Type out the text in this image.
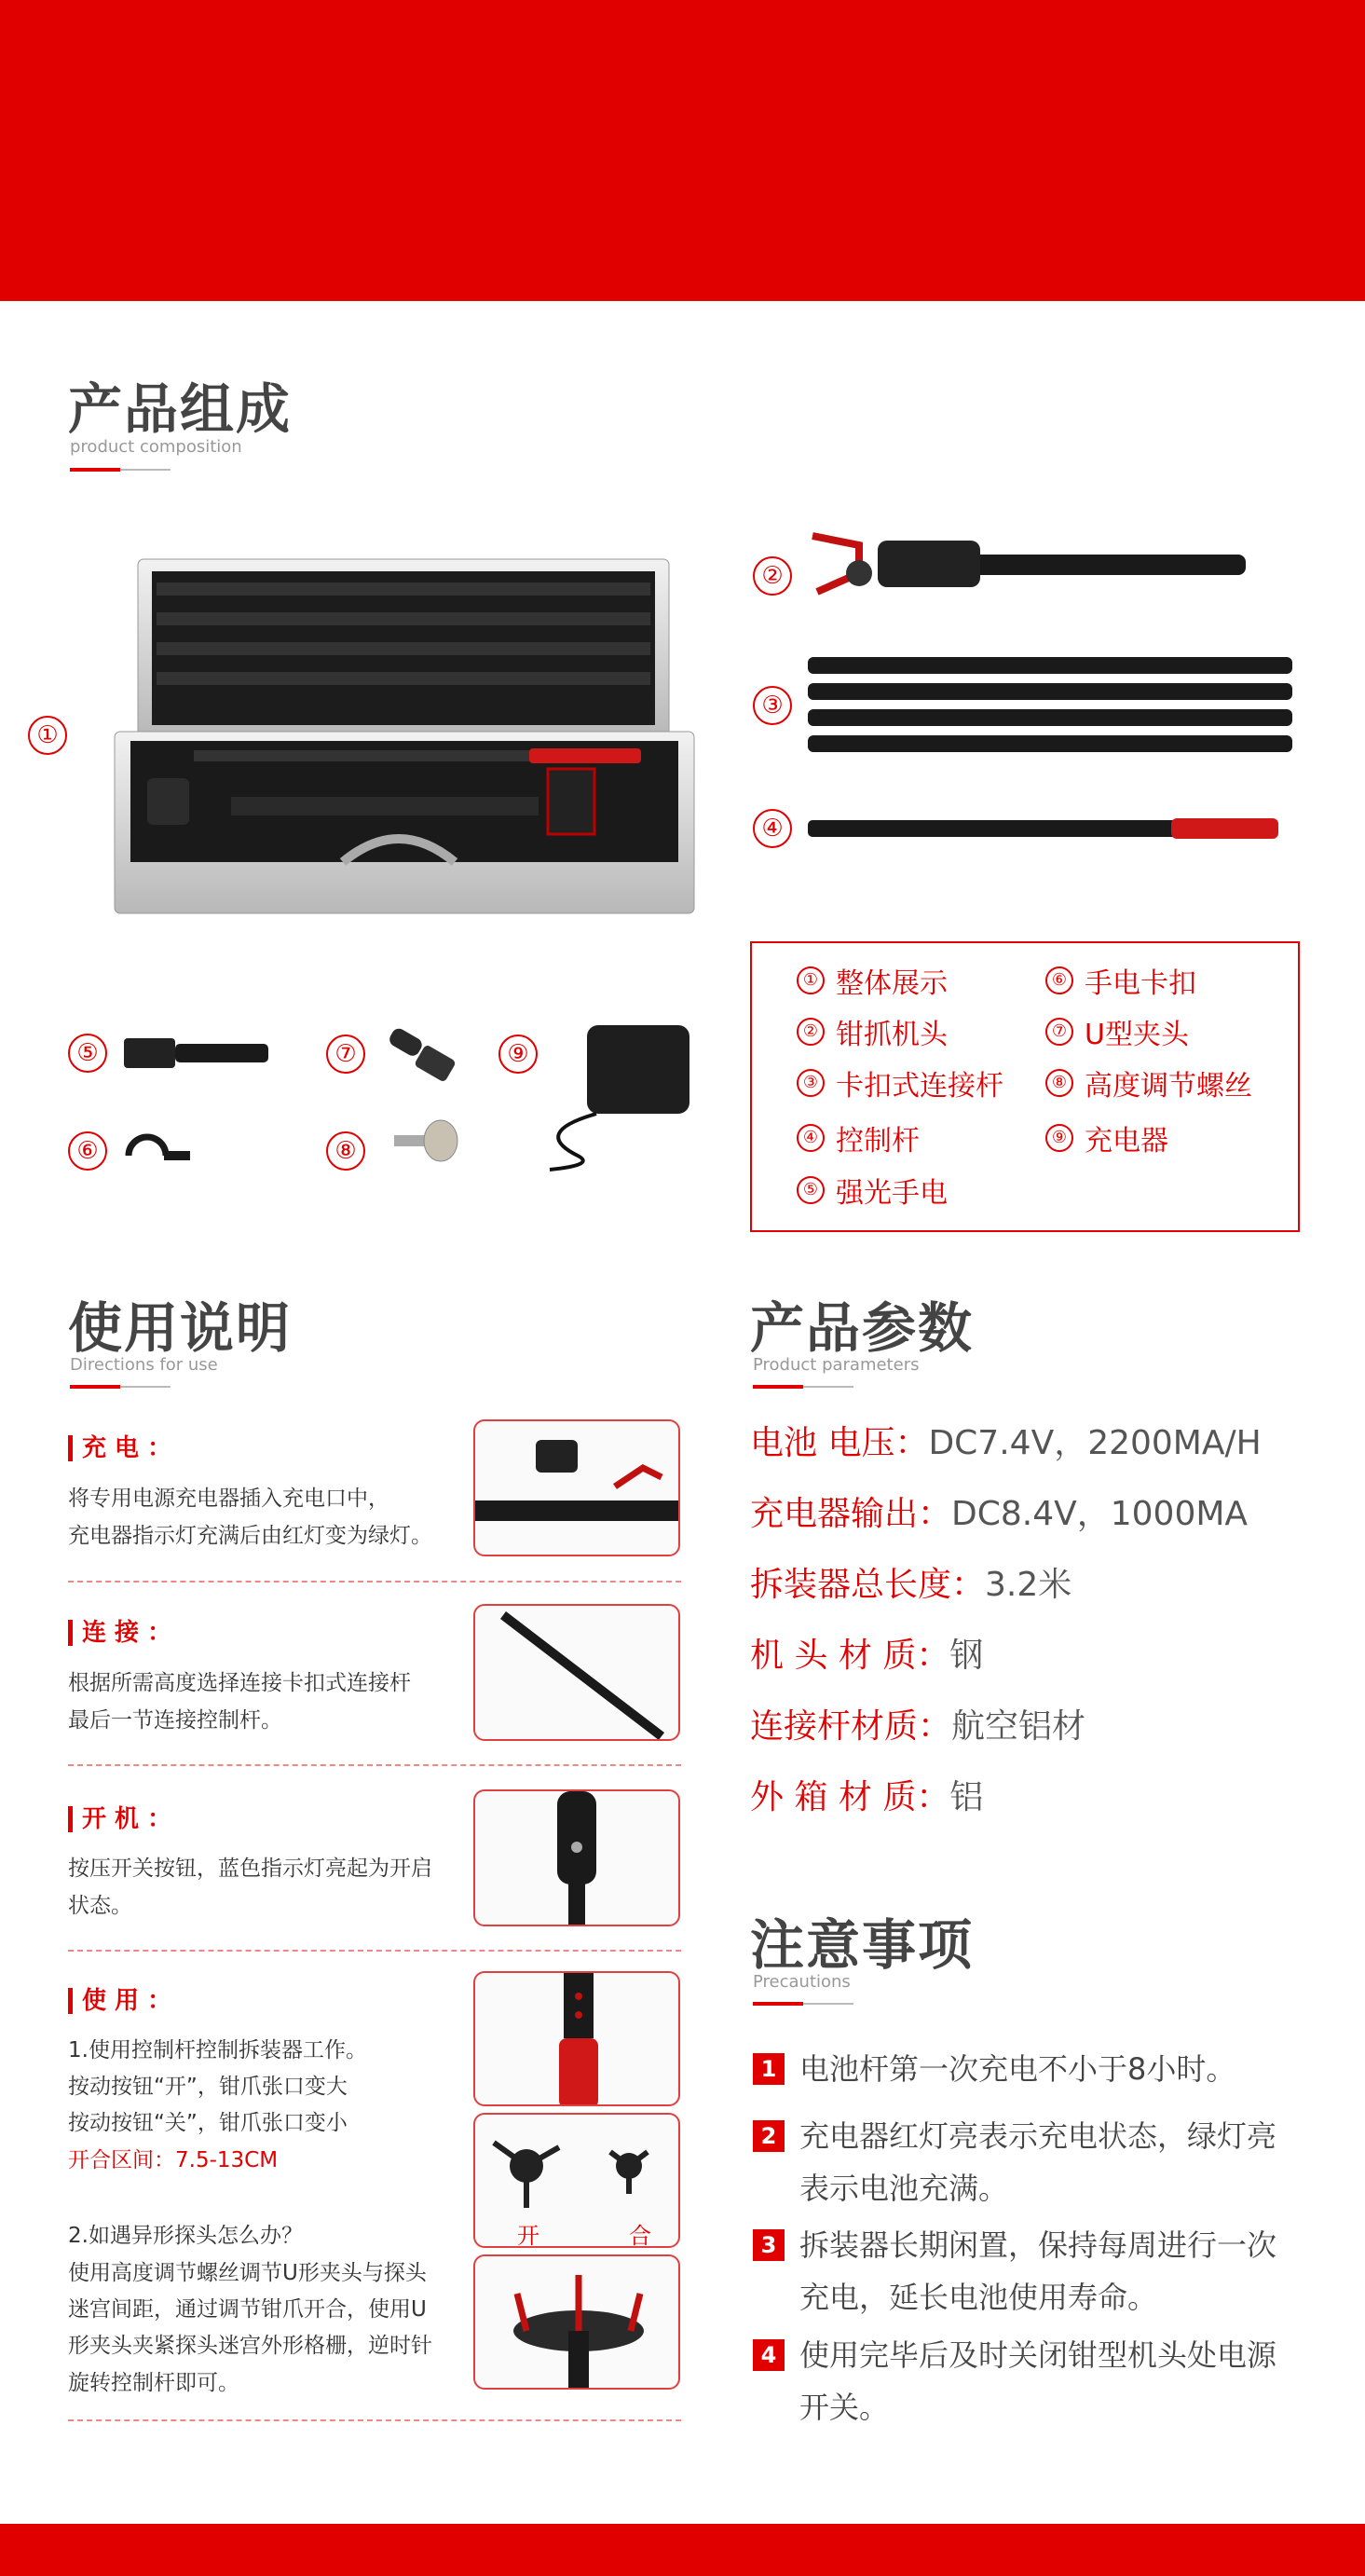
产品组成
product composition
①
②
③
④
⑤
⑥
⑦
⑧
⑨
① 整体展示
② 钳抓机头
③ 卡扣式连接杆
④ 控制杆
⑤ 强光手电
⑥ 手电卡扣
⑦ U型夹头
⑧ 高度调节螺丝
⑨ 充电器
使用说明
Directions for use
充 电 ：
将专用电源充电器插入充电口中，
充电器指示灯充满后由红灯变为绿灯。
连 接 ：
根据所需高度选择连接卡扣式连接杆
最后一节连接控制杆。
开 机 ：
按压开关按钮，蓝色指示灯亮起为开启
状态。
使 用 ：
1.使用控制杆控制拆装器工作。
按动按钮“开”，钳爪张口变大
按动按钮“关”，钳爪张口变小
开合区间：7.5-13CM
2.如遇异形探头怎么办？
使用高度调节螺丝调节U形夹头与探头
迷宫间距，通过调节钳爪开合，使用U
形夹头夹紧探头迷宫外形格栅，逆时针
旋转控制杆即可。
开	合
产品参数
Product parameters
电池 电压：DC7.4V，2200MA/H
充电器输出：DC8.4V，1000MA
拆装器总长度：3.2米
机 头 材 质：钢
连接杆材质：航空铝材
外 箱 材 质：铝
注意事项
Precautions
1 电池杆第一次充电不小于8小时。
2 充电器红灯亮表示充电状态，绿灯亮
表示电池充满。
3 拆装器长期闲置，保持每周进行一次
充电，延长电池使用寿命。
4 使用完毕后及时关闭钳型机头处电源
开关。
